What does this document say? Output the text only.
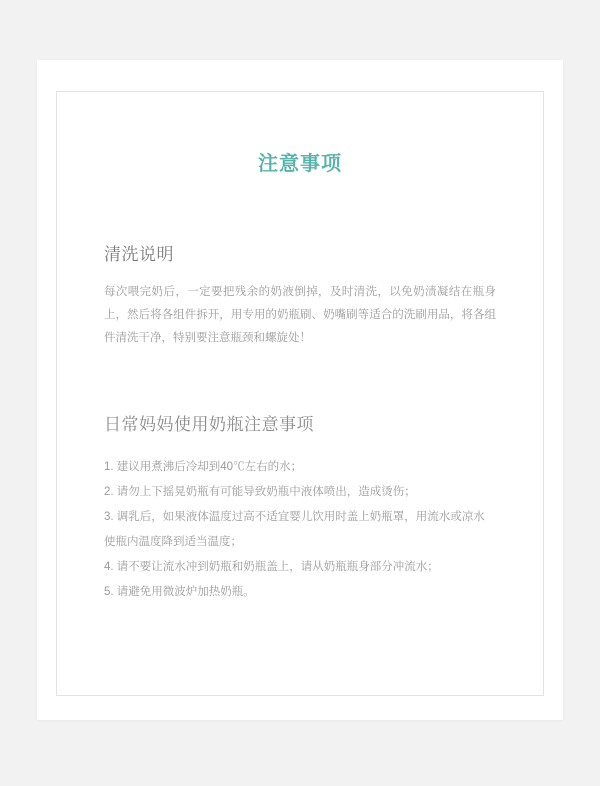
注意事项
清洗说明

每次喂完奶后，一定要把残余的奶液倒掉，及时清洗，以免奶渍凝结在瓶身上，然后将各组件拆开，用专用的奶瓶刷、奶嘴刷等适合的洗刷用品，将各组件清洗干净，特别要注意瓶颈和螺旋处！

日常妈妈使用奶瓶注意事项
1. 建议用煮沸后冷却到40℃左右的水；
2. 请勿上下摇晃奶瓶有可能导致奶瓶中液体喷出，造成烫伤；
3. 调乳后，如果液体温度过高不适宜婴儿饮用时盖上奶瓶罩，用流水或凉水使瓶内温度降到适当温度；
4. 请不要让流水冲到奶瓶和奶瓶盖上，请从奶瓶瓶身部分冲流水；
5. 请避免用微波炉加热奶瓶。
